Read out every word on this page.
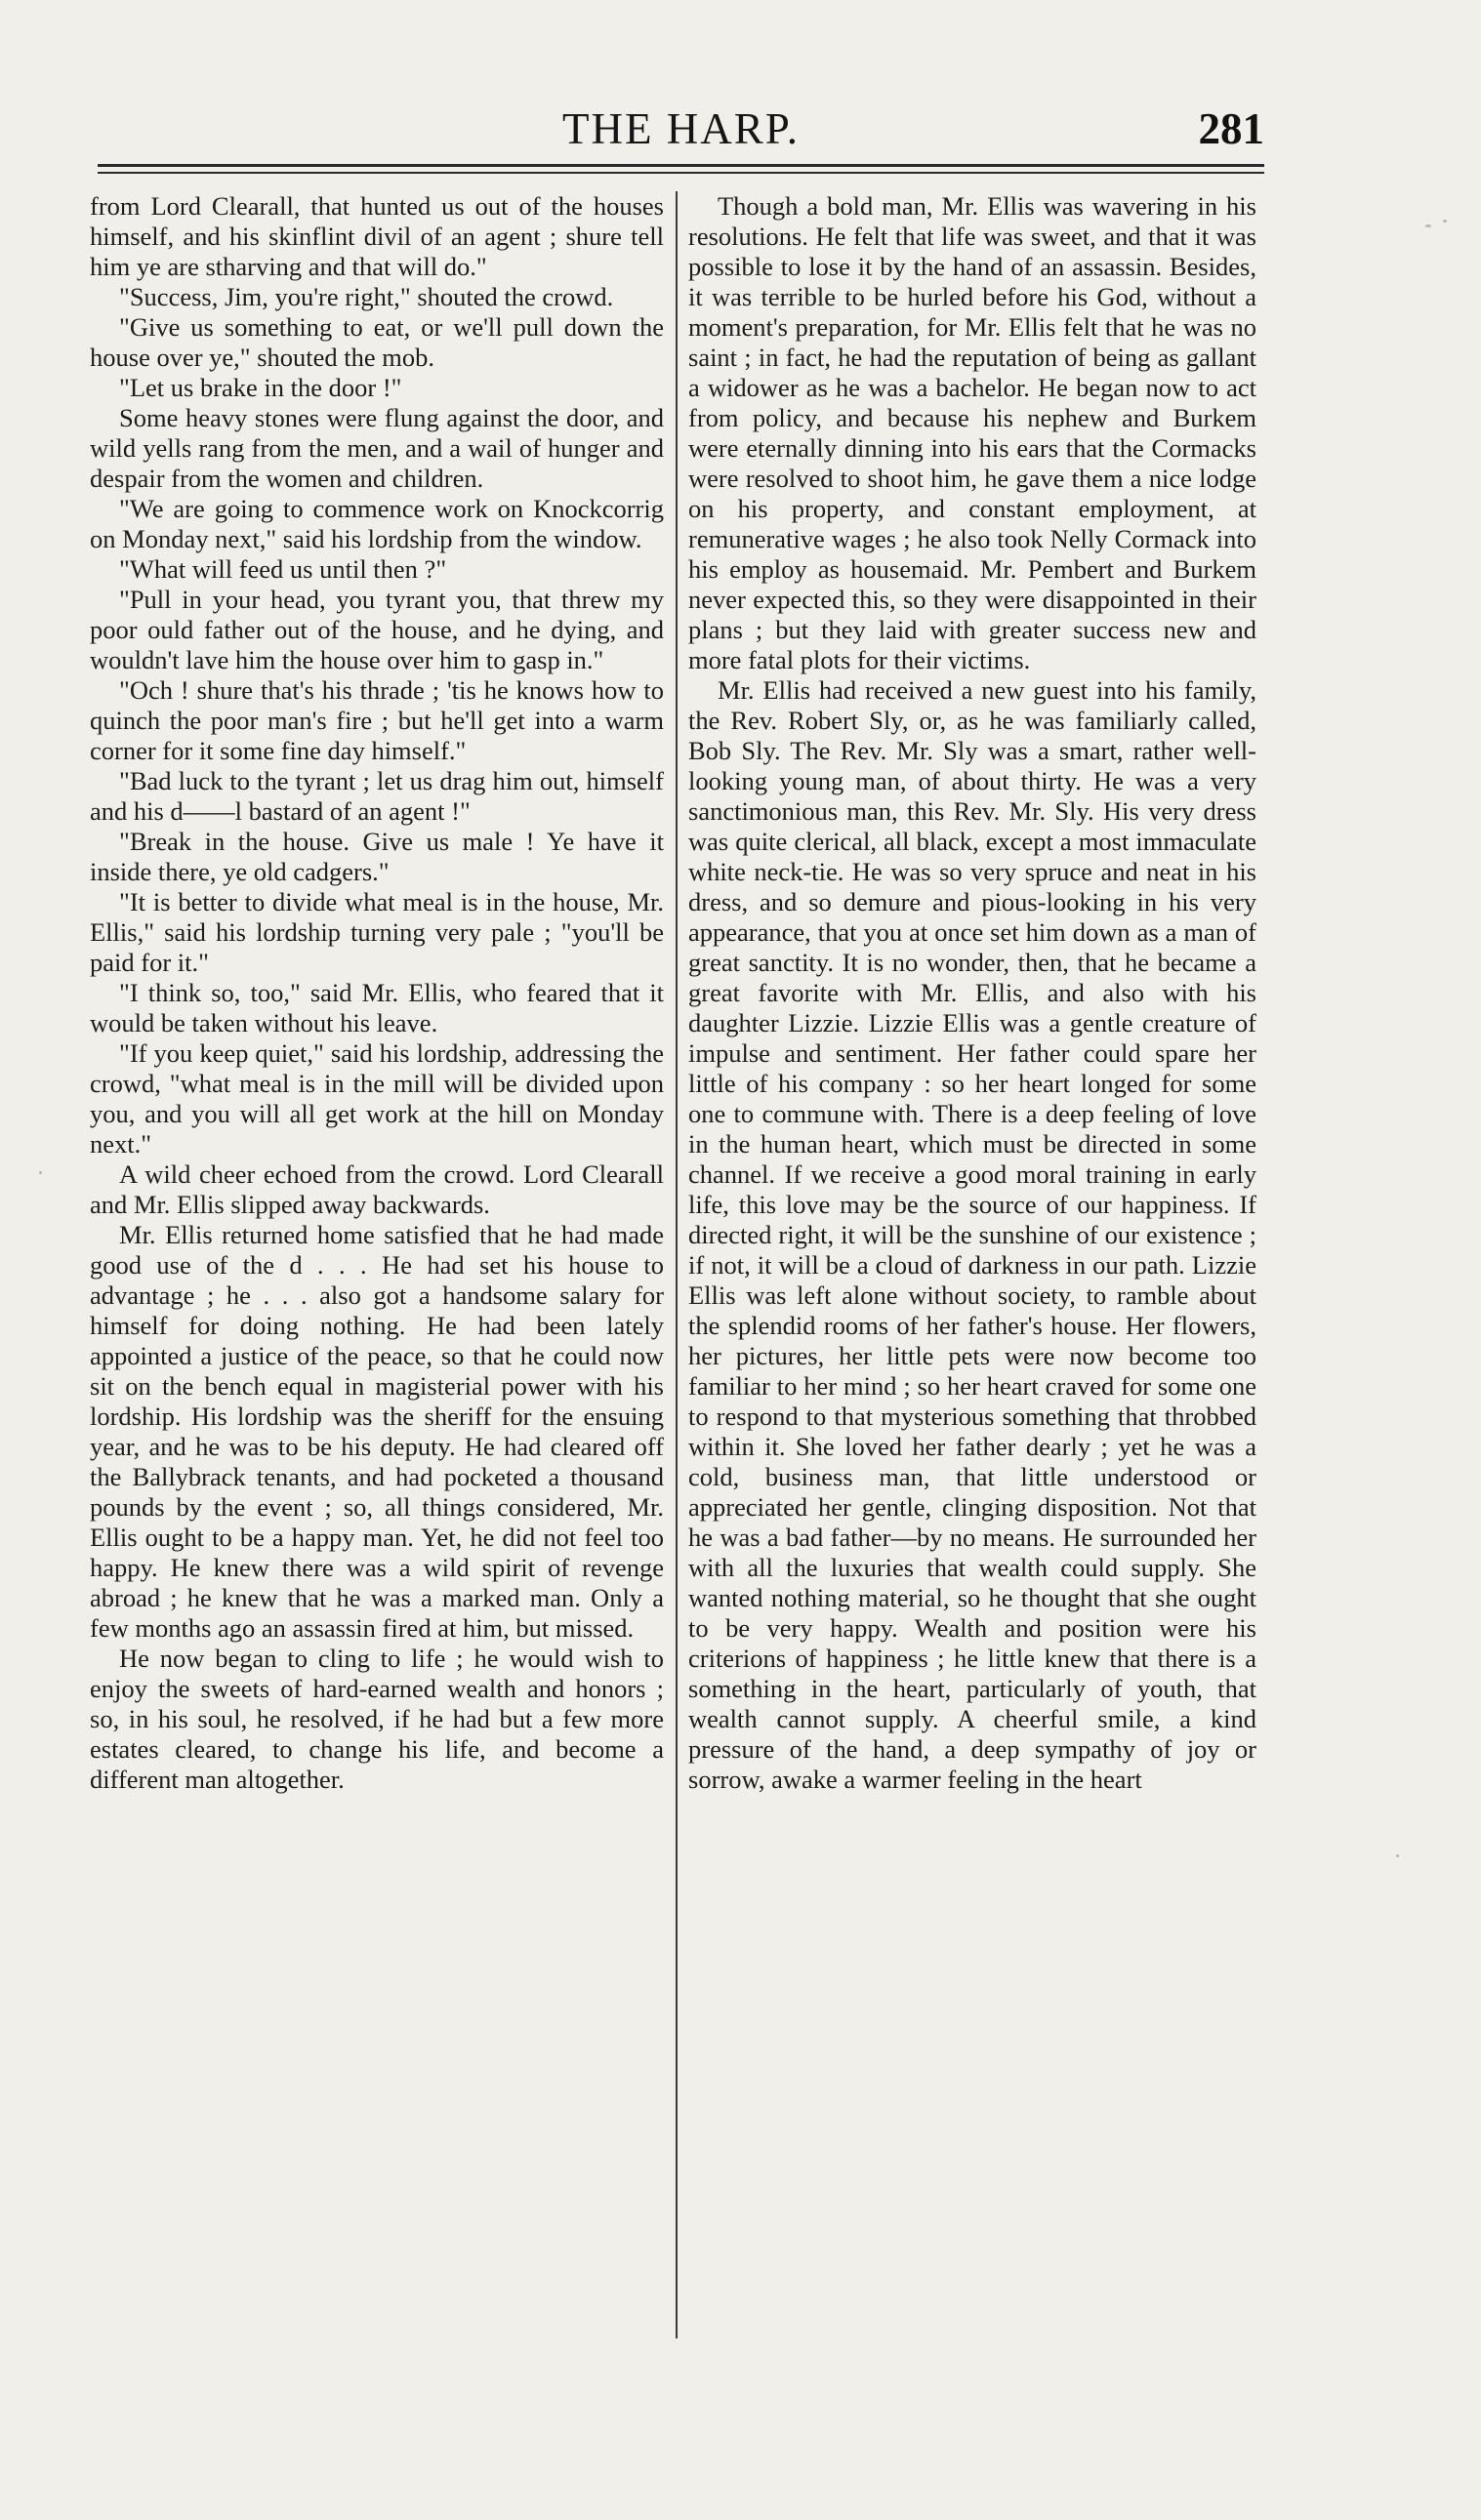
THE HARP.	281

from Lord Clearall, that hunted us out of the houses himself, and his skinflint divil of an agent ; shure tell him ye are stharving and that will do."

"Success, Jim, you're right," shouted the crowd.

"Give us something to eat, or we'll pull down the house over ye," shouted the mob.

"Let us brake in the door !"

Some heavy stones were flung against the door, and wild yells rang from the men, and a wail of hunger and despair from the women and children.

"We are going to commence work on Knockcorrig on Monday next," said his lordship from the window.

"What will feed us until then ?"

"Pull in your head, you tyrant you, that threw my poor ould father out of the house, and he dying, and wouldn't lave him the house over him to gasp in."

"Och ! shure that's his thrade ; 'tis he knows how to quinch the poor man's fire ; but he'll get into a warm corner for it some fine day himself."

"Bad luck to the tyrant ; let us drag him out, himself and his d——l bastard of an agent !"

"Break in the house. Give us male ! Ye have it inside there, ye old cadgers."

"It is better to divide what meal is in the house, Mr. Ellis," said his lordship turning very pale ; "you'll be paid for it."

"I think so, too," said Mr. Ellis, who feared that it would be taken without his leave.

"If you keep quiet," said his lordship, addressing the crowd, "what meal is in the mill will be divided upon you, and you will all get work at the hill on Monday next."

A wild cheer echoed from the crowd. Lord Clearall and Mr. Ellis slipped away backwards.

Mr. Ellis returned home satisfied that he had made good use of the d . . . He had set his house to advantage ; he . . . also got a handsome salary for himself for doing nothing. He had been lately appointed a justice of the peace, so that he could now sit on the bench equal in magisterial power with his lordship. His lordship was the sheriff for the ensuing year, and he was to be his deputy. He had cleared off the Ballybrack tenants, and had pocketed a thousand pounds by the event ; so, all things considered, Mr. Ellis ought to be a happy man. Yet, he did not feel too happy. He knew there was a wild spirit of revenge abroad ; he knew that he was a marked man. Only a few months ago an assassin fired at him, but missed.

He now began to cling to life ; he would wish to enjoy the sweets of hard-earned wealth and honors ; so, in his soul, he resolved, if he had but a few more estates cleared, to change his life, and become a different man altogether.

Though a bold man, Mr. Ellis was wavering in his resolutions. He felt that life was sweet, and that it was possible to lose it by the hand of an assassin. Besides, it was terrible to be hurled before his God, without a moment's preparation, for Mr. Ellis felt that he was no saint ; in fact, he had the reputation of being as gallant a widower as he was a bachelor. He began now to act from policy, and because his nephew and Burkem were eternally dinning into his ears that the Cormacks were resolved to shoot him, he gave them a nice lodge on his property, and constant employment, at remunerative wages ; he also took Nelly Cormack into his employ as housemaid. Mr. Pembert and Burkem never expected this, so they were disappointed in their plans ; but they laid with greater success new and more fatal plots for their victims.

Mr. Ellis had received a new guest into his family, the Rev. Robert Sly, or, as he was familiarly called, Bob Sly. The Rev. Mr. Sly was a smart, rather well-looking young man, of about thirty. He was a very sanctimonious man, this Rev. Mr. Sly. His very dress was quite clerical, all black, except a most immaculate white neck-tie. He was so very spruce and neat in his dress, and so demure and pious-looking in his very appearance, that you at once set him down as a man of great sanctity. It is no wonder, then, that he became a great favorite with Mr. Ellis, and also with his daughter Lizzie. Lizzie Ellis was a gentle creature of impulse and sentiment. Her father could spare her little of his company : so her heart longed for some one to commune with. There is a deep feeling of love in the human heart, which must be directed in some channel. If we receive a good moral training in early life, this love may be the source of our happiness. If directed right, it will be the sunshine of our existence ; if not, it will be a cloud of darkness in our path. Lizzie Ellis was left alone without society, to ramble about the splendid rooms of her father's house. Her flowers, her pictures, her little pets were now become too familiar to her mind ; so her heart craved for some one to respond to that mysterious something that throbbed within it. She loved her father dearly ; yet he was a cold, business man, that little understood or appreciated her gentle, clinging disposition. Not that he was a bad father—by no means. He surrounded her with all the luxuries that wealth could supply. She wanted nothing material, so he thought that she ought to be very happy. Wealth and position were his criterions of happiness ; he little knew that there is a something in the heart, particularly of youth, that wealth cannot supply. A cheerful smile, a kind pressure of the hand, a deep sympathy of joy or sorrow, awake a warmer feeling in the heart
